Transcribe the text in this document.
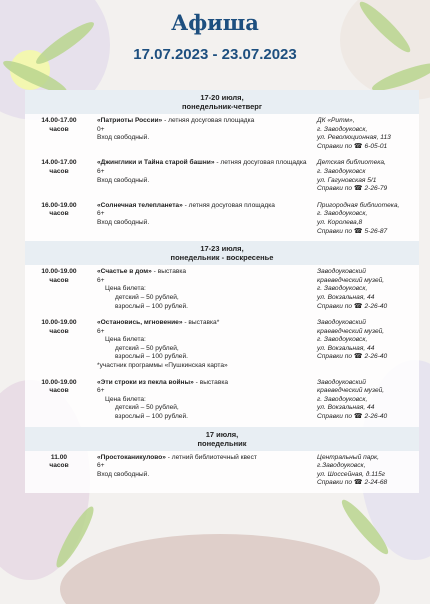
Афиша
17.07.2023 - 23.07.2023
17-20 июля,
понедельник-четверг
14.00-17.00
часов
«Патриоты России» - летняя досуговая площадка
0+
Вход свободный.
ДК «Ритм»,
г. Заводоуковск,
ул. Революционная, 113
Справки по ☎ 6-05-01
14.00-17.00
часов
«Джинглики и Тайна старой башни» - летняя досуговая площадка
6+
Вход свободный.
Детская библиотека,
г. Заводоуковск
ул. Гагуновская 5/1
Справки по ☎ 2-26-79
16.00-19.00
часов
«Солнечная телепланета» - летняя досуговая площадка
6+
Вход свободный.
Пригородная библиотека,
г. Заводоуковск,
ул. Королева,8
Справки по ☎ 5-26-87
17-23 июля,
понедельник - воскресенье
10.00-19.00
часов
«Счастье в дом» - выставка
6+
Цена билета:
детский – 50 рублей,
взрослый – 100 рублей.
Заводоуковский
краеведческий музей,
г. Заводоуковск,
ул. Вокзальная, 44
Справки по ☎ 2-26-40
10.00-19.00
часов
«Остановись, мгновение» - выставка*
6+
Цена билета:
детский – 50 рублей,
взрослый – 100 рублей.
*участник программы «Пушкинская карта»
Заводоуковский
краеведческий музей,
г. Заводоуковск,
ул. Вокзальная, 44
Справки по ☎ 2-26-40
10.00-19.00
часов
«Эти строки из пекла войны» - выставка
6+
Цена билета:
детский – 50 рублей,
взрослый – 100 рублей.
Заводоуковский
краеведческий музей,
г. Заводоуковск,
ул. Вокзальная, 44
Справки по ☎ 2-26-40
17 июля,
понедельник
11.00
часов
«Простоканикулово» - летний библиотечный квест
6+
Вход свободный.
Центральный парк,
г.Заводоуковск,
ул. Шоссейная, д.115г
Справки по ☎ 2-24-68
